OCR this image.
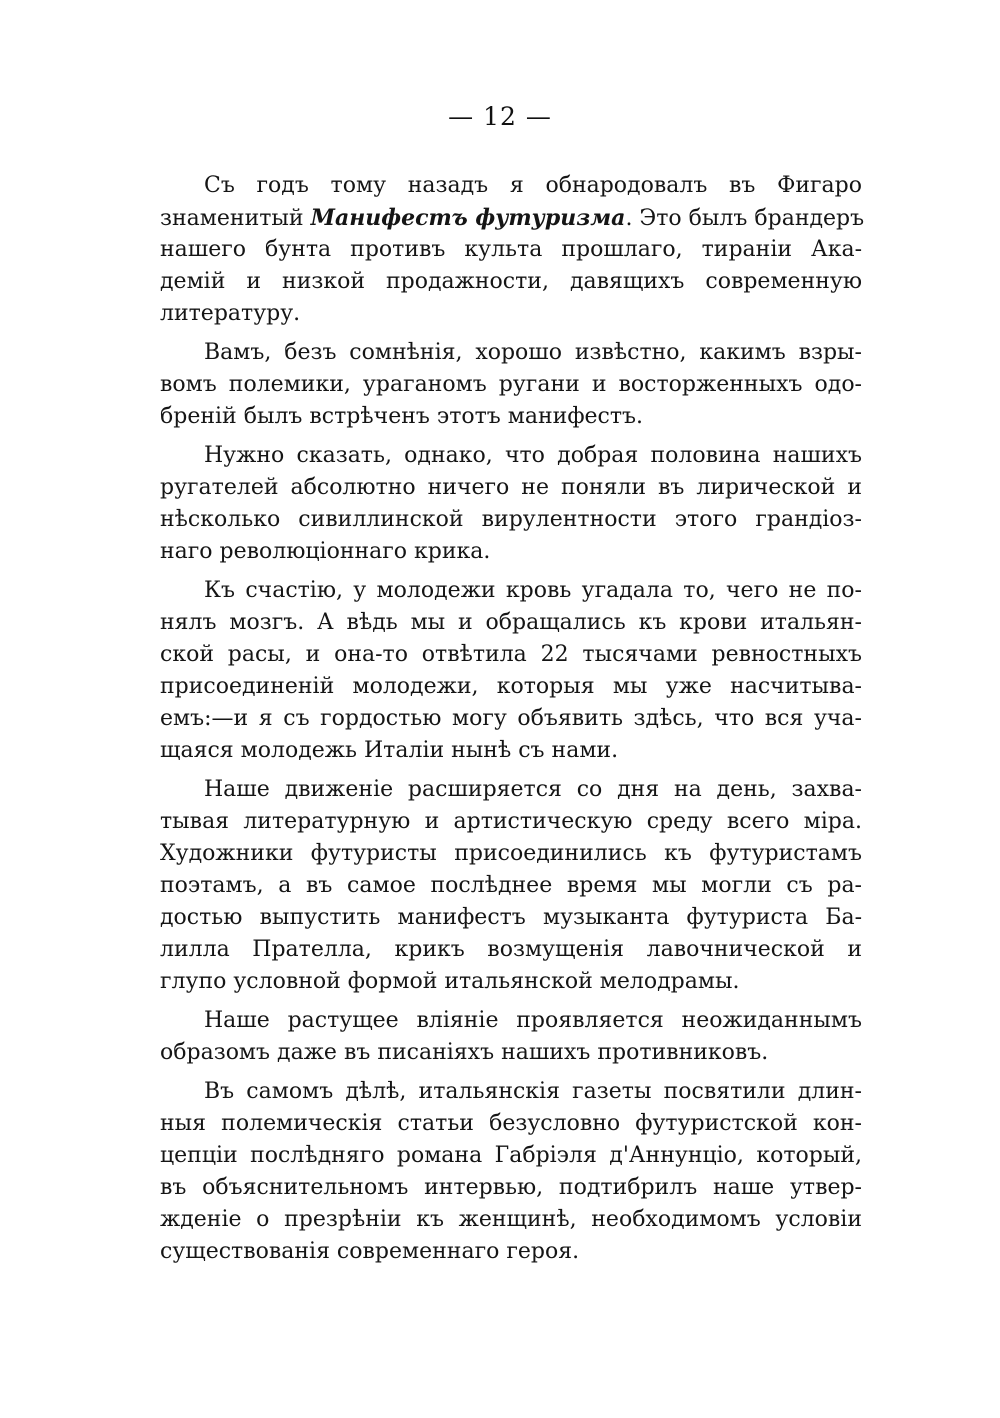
— 12 —
Съ годъ тому назадъ я обнародовалъ въ Фигаро
знаменитый Манифестъ футуризма. Это былъ брандеръ
нашего бунта противъ культа прошлаго, тираніи Ака-
демій и низкой продажности, давящихъ современную
литературу.
Вамъ, безъ сомнѣнія, хорошо извѣстно, какимъ взры-
вомъ полемики, ураганомъ ругани и восторженныхъ одо-
бреній былъ встрѣченъ этотъ манифестъ.
Нужно сказать, однако, что добрая половина нашихъ
ругателей абсолютно ничего не поняли въ лирической и
нѣсколько сивиллинской вирулентности этого грандіоз-
наго революціоннаго крика.
Къ счастію, у молодежи кровь угадала то, чего не по-
нялъ мозгъ. А вѣдь мы и обращались къ крови итальян-
ской расы, и она-то отвѣтила 22 тысячами ревностныхъ
присоединеній молодежи, которыя мы уже насчитыва-
емъ:—и я съ гордостью могу объявить здѣсь, что вся уча-
щаяся молодежь Италіи нынѣ съ нами.
Наше движеніе расширяется со дня на день, захва-
тывая литературную и артистическую среду всего міра.
Художники футуристы присоединились къ футуристамъ
поэтамъ, а въ самое послѣднее время мы могли съ ра-
достью выпустить манифестъ музыканта футуриста Ба-
лилла Прателла, крикъ возмущенія лавочнической и
глупо условной формой итальянской мелодрамы.
Наше растущее вліяніе проявляется неожиданнымъ
образомъ даже въ писаніяхъ нашихъ противниковъ.
Въ самомъ дѣлѣ, итальянскія газеты посвятили длин-
ныя полемическія статьи безусловно футуристской кон-
цепціи послѣдняго романа Габріэля д'Аннунціо, который,
въ объяснительномъ интервью, подтибрилъ наше утвер-
жденіе о презрѣніи къ женщинѣ, необходимомъ условіи
существованія современнаго героя.
